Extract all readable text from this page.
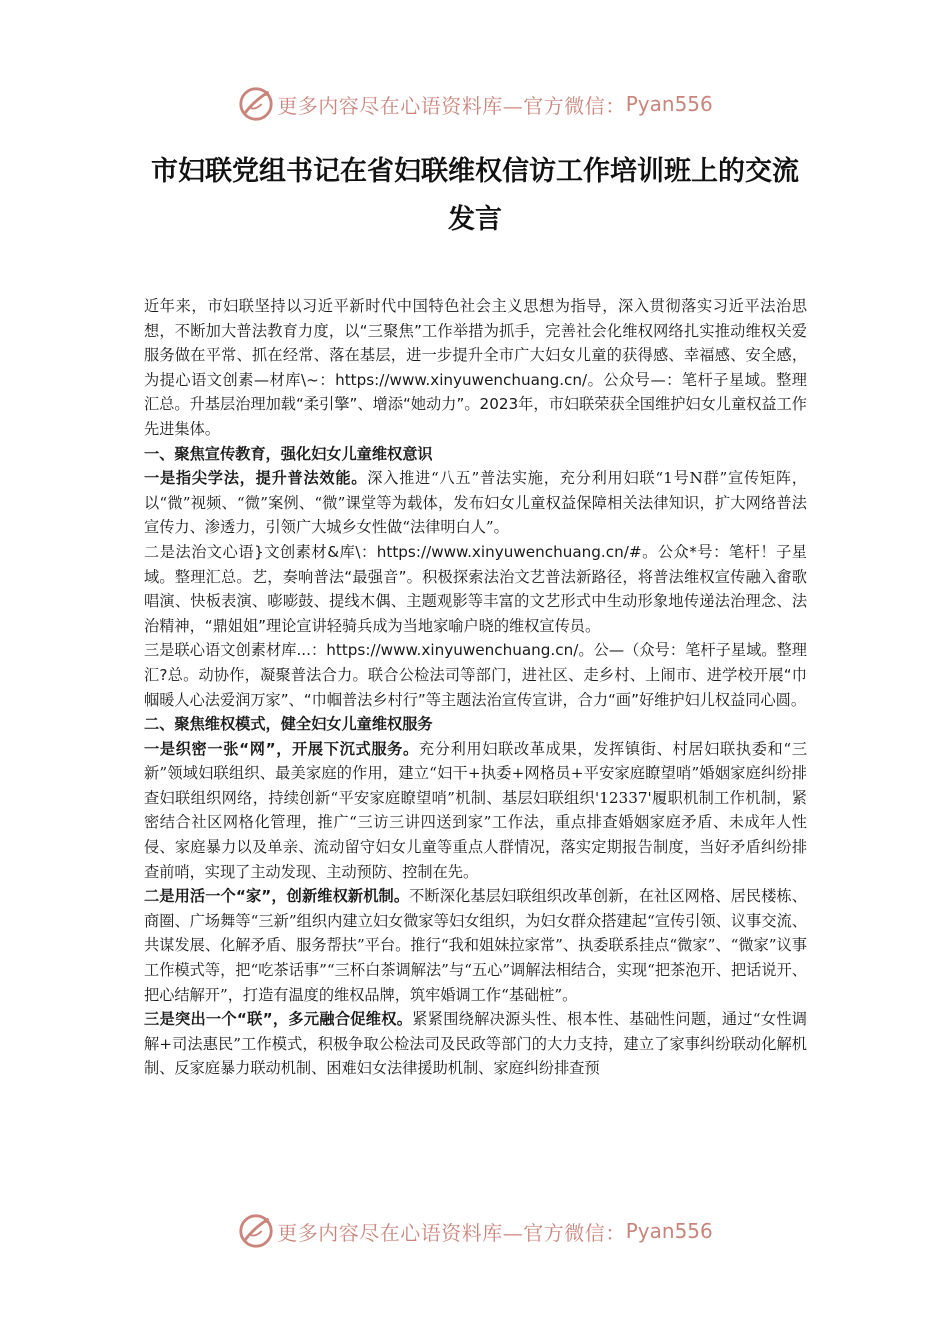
更多内容尽在心语资料库—官方微信： Pyan556
市妇联党组书记在省妇联维权信访工作培训班上的交流发言

近年来，市妇联坚持以习近平新时代中国特色社会主义思想为指导，深入贯彻落实习近平法治思想，不断加大普法教育力度，以“三聚焦”工作举措为抓手，完善社会化维权网络扎实推动维权关爱服务做在平常、抓在经常、落在基层，进一步提升全市广大妇女儿童的获得感、幸福感、安全感，为提心语文创素—材库\~：https://www.xinyuwenchuang.cn/。公众号—：笔杆子星域。整理汇总。升基层治理加载“柔引擎”、增添“她动力”。2023年，市妇联荣获全国维护妇女儿童权益工作先进集体。

一、聚焦宣传教育，强化妇女儿童维权意识

一是指尖学法，提升普法效能。深入推进“八五”普法实施，充分利用妇联“1号N群”宣传矩阵，以“微”视频、“微”案例、“微”课堂等为载体，发布妇女儿童权益保障相关法律知识，扩大网络普法宣传力、渗透力，引领广大城乡女性做“法律明白人”。

二是法治文心语}文创素材&库\：https://www.xinyuwenchuang.cn/#。公众*号：笔杆！子星域。整理汇总。艺，奏响普法“最强音”。积极探索法治文艺普法新路径，将普法维权宣传融入畲歌唱演、快板表演、嘭嘭鼓、提线木偶、主题观影等丰富的文艺形式中生动形象地传递法治理念、法治精神，“鼎姐姐”理论宣讲轻骑兵成为当地家喻户晓的维权宣传员。

三是联心语文创素材库...：https://www.xinyuwenchuang.cn/。公—（众号：笔杆子星域。整理汇?总。动协作，凝聚普法合力。联合公检法司等部门，进社区、走乡村、上闹市、进学校开展“巾帼暖人心法爱润万家”、“巾帼普法乡村行”等主题法治宣传宣讲，合力“画”好维护妇儿权益同心圆。

二、聚焦维权模式，健全妇女儿童维权服务

一是织密一张“网”，开展下沉式服务。充分利用妇联改革成果，发挥镇街、村居妇联执委和“三新”领域妇联组织、最美家庭的作用，建立“妇干+执委+网格员+平安家庭瞭望哨”婚姻家庭纠纷排查妇联组织网络，持续创新“平安家庭瞭望哨”机制、基层妇联组织'12337'履职机制工作机制，紧密结合社区网格化管理，推广“三访三讲四送到家”工作法，重点排查婚姻家庭矛盾、未成年人性侵、家庭暴力以及单亲、流动留守妇女儿童等重点人群情况，落实定期报告制度，当好矛盾纠纷排查前哨，实现了主动发现、主动预防、控制在先。

二是用活一个“家”，创新维权新机制。不断深化基层妇联组织改革创新，在社区网格、居民楼栋、商圈、广场舞等“三新”组织内建立妇女微家等妇女组织，为妇女群众搭建起“宣传引领、议事交流、共谋发展、化解矛盾、服务帮扶”平台。推行“我和姐妹拉家常”、执委联系挂点“微家”、“微家”议事工作模式等，把“吃茶话事”“三杯白茶调解法”与“五心”调解法相结合，实现“把茶泡开、把话说开、把心结解开”，打造有温度的维权品牌，筑牢婚调工作“基础桩”。

三是突出一个“联”，多元融合促维权。紧紧围绕解决源头性、根本性、基础性问题，通过“女性调解+司法惠民”工作模式，积极争取公检法司及民政等部门的大力支持，建立了家事纠纷联动化解机制、反家庭暴力联动机制、困难妇女法律援助机制、家庭纠纷排查预

更多内容尽在心语资料库—官方微信： Pyan556
